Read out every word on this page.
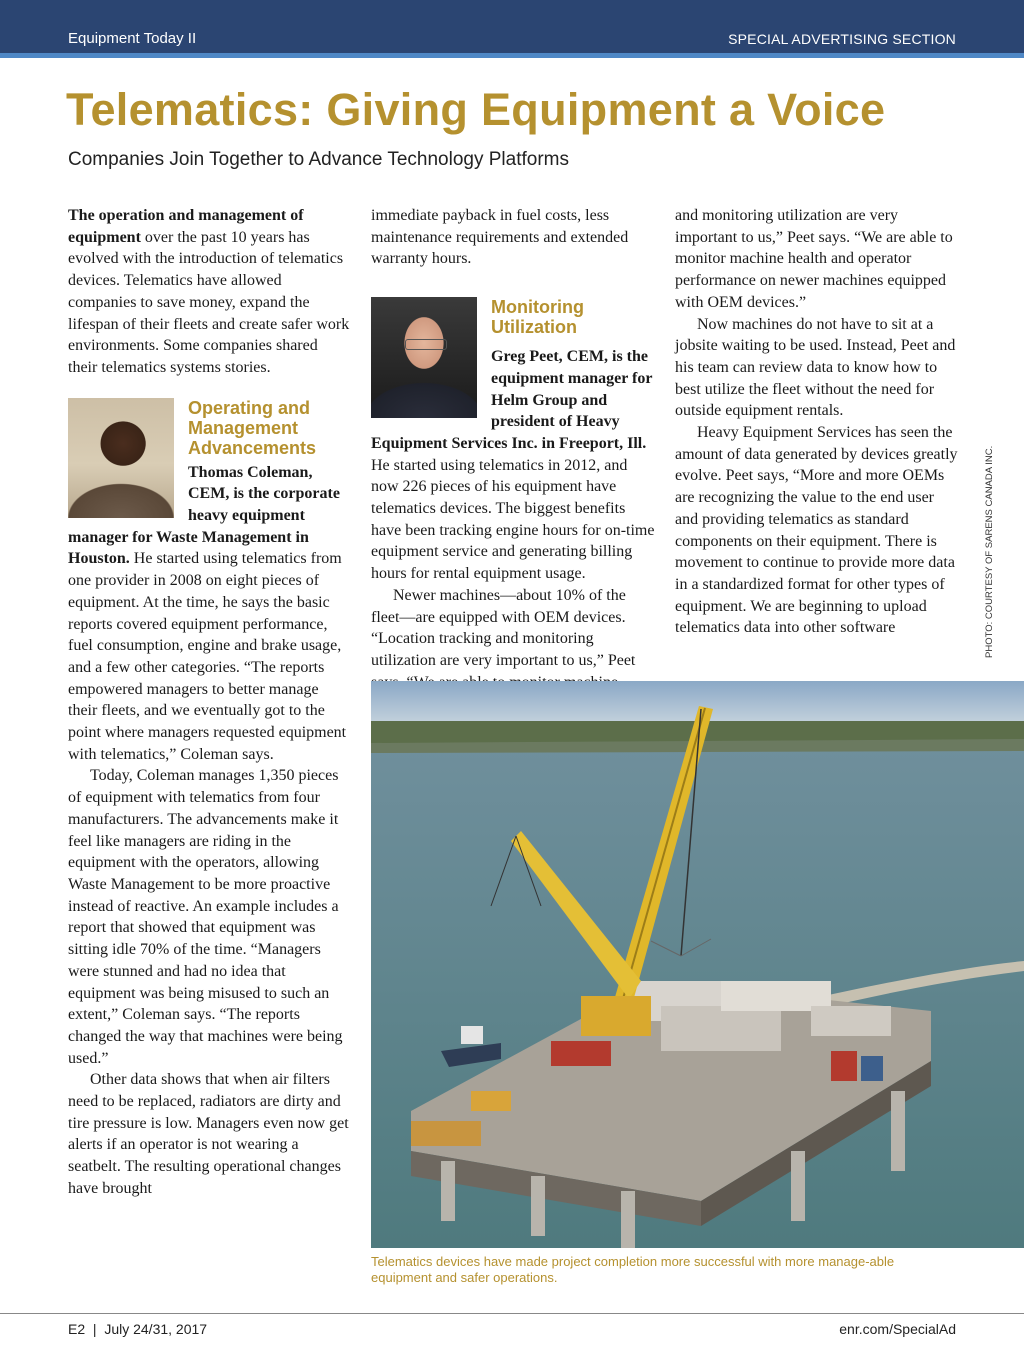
Equipment Today II	SPECIAL ADVERTISING SECTION
Telematics: Giving Equipment a Voice
Companies Join Together to Advance Technology Platforms

The operation and management of equipment over the past 10 years has evolved with the introduction of telematics devices. Telematics have allowed companies to save money, expand the lifespan of their fleets and create safer work environments. Some companies shared their telematics systems stories.

Operating and Management Advancements

Thomas Coleman, CEM, is the corporate heavy equipment manager for Waste Management in Houston. He started using telematics from one provider in 2008 on eight pieces of equipment. At the time, he says the basic reports covered equipment performance, fuel consumption, engine and brake usage, and a few other categories. “The reports empowered managers to better manage their fleets, and we eventually got to the point where managers requested equipment with telematics,” Coleman says.

Today, Coleman manages 1,350 pieces of equipment with telematics from four manufacturers. The advancements make it feel like managers are riding in the equipment with the operators, allowing Waste Management to be more proactive instead of reactive. An example includes a report that showed that equipment was sitting idle 70% of the time. “Managers were stunned and had no idea that equipment was being misused to such an extent,” Coleman says. “The reports changed the way that machines were being used.”

Other data shows that when air filters need to be replaced, radiators are dirty and tire pressure is low. Managers even now get alerts if an operator is not wearing a seatbelt. The resulting operational changes have brought

immediate payback in fuel costs, less maintenance requirements and extended warranty hours.

Monitoring Utilization

Greg Peet, CEM, is the equipment manager for Helm Group and president of Heavy Equipment Services Inc. in Freeport, Ill. He started using telematics in 2012, and now 226 pieces of his equipment have telematics devices. The biggest benefits have been tracking engine hours for on-time equipment service and generating billing hours for rental equipment usage.

Newer machines—about 10% of the fleet—are equipped with OEM devices. “Location tracking and monitoring utilization are very important to us,” Peet

and monitoring utilization are very important to us,” Peet says. “We are able to monitor machine health and operator performance on newer machines equipped with OEM devices.”

Now machines do not have to sit at a jobsite waiting to be used. Instead, Peet and his team can review data to know how to best utilize the fleet without the need for outside equipment rentals.

Heavy Equipment Services has seen the amount of data generated by devices greatly evolve. Peet says, “More and more OEMs are recognizing the value to the end user and providing telematics as standard components on their equipment. There is movement to continue to provide more data in a standardized format for other types of equipment. We are beginning to upload telematics data into other software	PHOTO: COURTESY OF SARENS CANADA INC.

Telematics devices have made project completion more successful with more manage-able equipment and safer operations.

E2  |  July 24/31, 2017	enr.com/SpecialAd
